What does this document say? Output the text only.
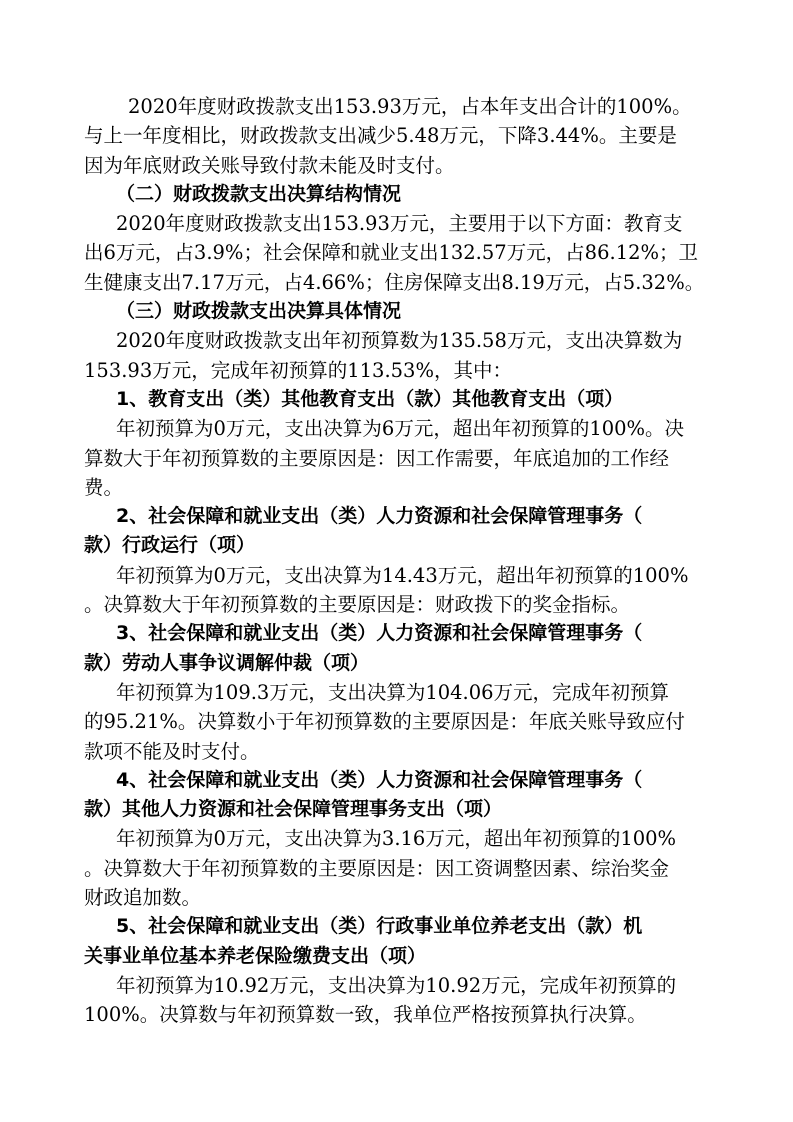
2020年度财政拨款支出153.93万元，占本年支出合计的100%。
与上一年度相比，财政拨款支出减少5.48万元，下降3.44%。主要是
因为年底财政关账导致付款未能及时支付。
（二）财政拨款支出决算结构情况
2020年度财政拨款支出153.93万元，主要用于以下方面：教育支
出6万元，占3.9%；社会保障和就业支出132.57万元，占86.12%；卫
生健康支出7.17万元，占4.66%；住房保障支出8.19万元，占5.32%。
（三）财政拨款支出决算具体情况
2020年度财政拨款支出年初预算数为135.58万元，支出决算数为
153.93万元，完成年初预算的113.53%，其中：
1、教育支出（类）其他教育支出（款）其他教育支出（项）
年初预算为0万元，支出决算为6万元，超出年初预算的100%。决
算数大于年初预算数的主要原因是：因工作需要，年底追加的工作经
费。
2、社会保障和就业支出（类）人力资源和社会保障管理事务（
款）行政运行（项）
年初预算为0万元，支出决算为14.43万元，超出年初预算的100%
。决算数大于年初预算数的主要原因是：财政拨下的奖金指标。
3、社会保障和就业支出（类）人力资源和社会保障管理事务（
款）劳动人事争议调解仲裁（项）
年初预算为109.3万元，支出决算为104.06万元，完成年初预算
的95.21%。决算数小于年初预算数的主要原因是：年底关账导致应付
款项不能及时支付。
4、社会保障和就业支出（类）人力资源和社会保障管理事务（
款）其他人力资源和社会保障管理事务支出（项）
年初预算为0万元，支出决算为3.16万元，超出年初预算的100%
。决算数大于年初预算数的主要原因是：因工资调整因素、综治奖金
财政追加数。
5、社会保障和就业支出（类）行政事业单位养老支出（款）机
关事业单位基本养老保险缴费支出（项）
年初预算为10.92万元，支出决算为10.92万元，完成年初预算的
100%。决算数与年初预算数一致，我单位严格按预算执行决算。
